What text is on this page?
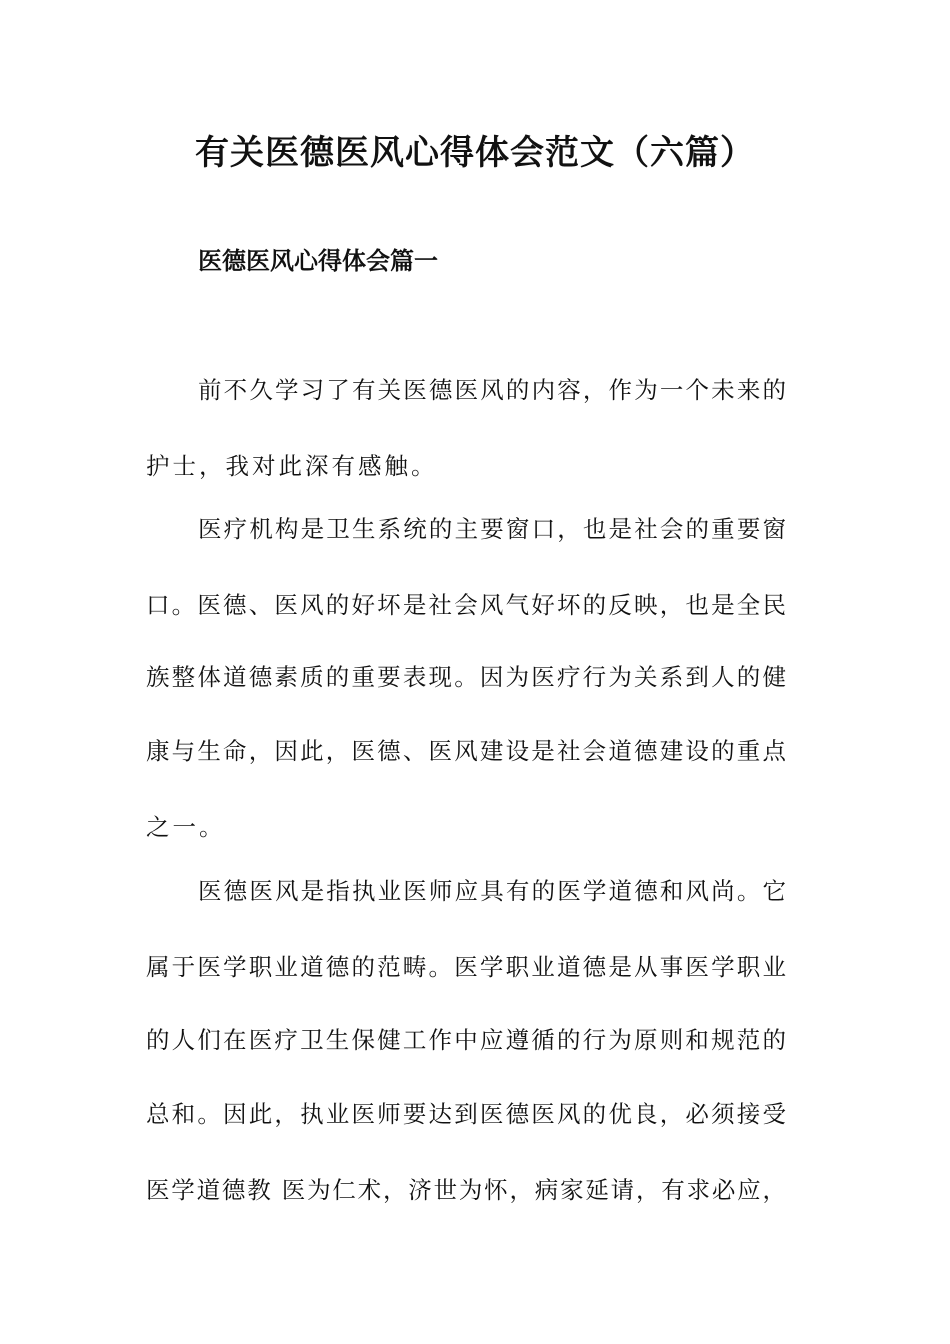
有关医德医风心得体会范文（六篇）
医德医风心得体会篇一

前不久学习了有关医德医风的内容，作为一个未来的

护士，我对此深有感触。

医疗机构是卫生系统的主要窗口，也是社会的重要窗

口。医德、医风的好坏是社会风气好坏的反映，也是全民

族整体道德素质的重要表现。因为医疗行为关系到人的健

康与生命，因此，医德、医风建设是社会道德建设的重点

之一。

医德医风是指执业医师应具有的医学道德和风尚。它

属于医学职业道德的范畴。医学职业道德是从事医学职业

的人们在医疗卫生保健工作中应遵循的行为原则和规范的

总和。因此，执业医师要达到医德医风的优良，必须接受

医学道德教 医为仁术，济世为怀，病家延请，有求必应，
